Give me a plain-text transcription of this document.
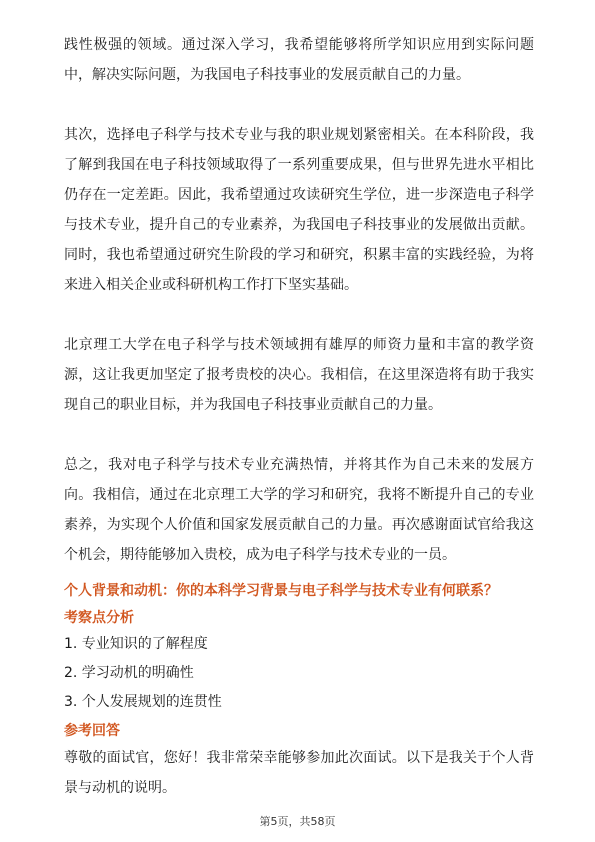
践性极强的领域。通过深入学习，我希望能够将所学知识应用到实际问题中，解决实际问题，为我国电子科技事业的发展贡献自己的力量。

其次，选择电子科学与技术专业与我的职业规划紧密相关。在本科阶段，我了解到我国在电子科技领域取得了一系列重要成果，但与世界先进水平相比仍存在一定差距。因此，我希望通过攻读研究生学位，进一步深造电子科学与技术专业，提升自己的专业素养，为我国电子科技事业的发展做出贡献。同时，我也希望通过研究生阶段的学习和研究，积累丰富的实践经验，为将来进入相关企业或科研机构工作打下坚实基础。

北京理工大学在电子科学与技术领域拥有雄厚的师资力量和丰富的教学资源，这让我更加坚定了报考贵校的决心。我相信，在这里深造将有助于我实现自己的职业目标，并为我国电子科技事业贡献自己的力量。

总之，我对电子科学与技术专业充满热情，并将其作为自己未来的发展方向。我相信，通过在北京理工大学的学习和研究，我将不断提升自己的专业素养，为实现个人价值和国家发展贡献自己的力量。再次感谢面试官给我这个机会，期待能够加入贵校，成为电子科学与技术专业的一员。

个人背景和动机：你的本科学习背景与电子科学与技术专业有何联系？

考察点分析

1. 专业知识的了解程度

2. 学习动机的明确性

3. 个人发展规划的连贯性

参考回答

尊敬的面试官，您好！我非常荣幸能够参加此次面试。以下是我关于个人背景与动机的说明。

第5页，共58页
